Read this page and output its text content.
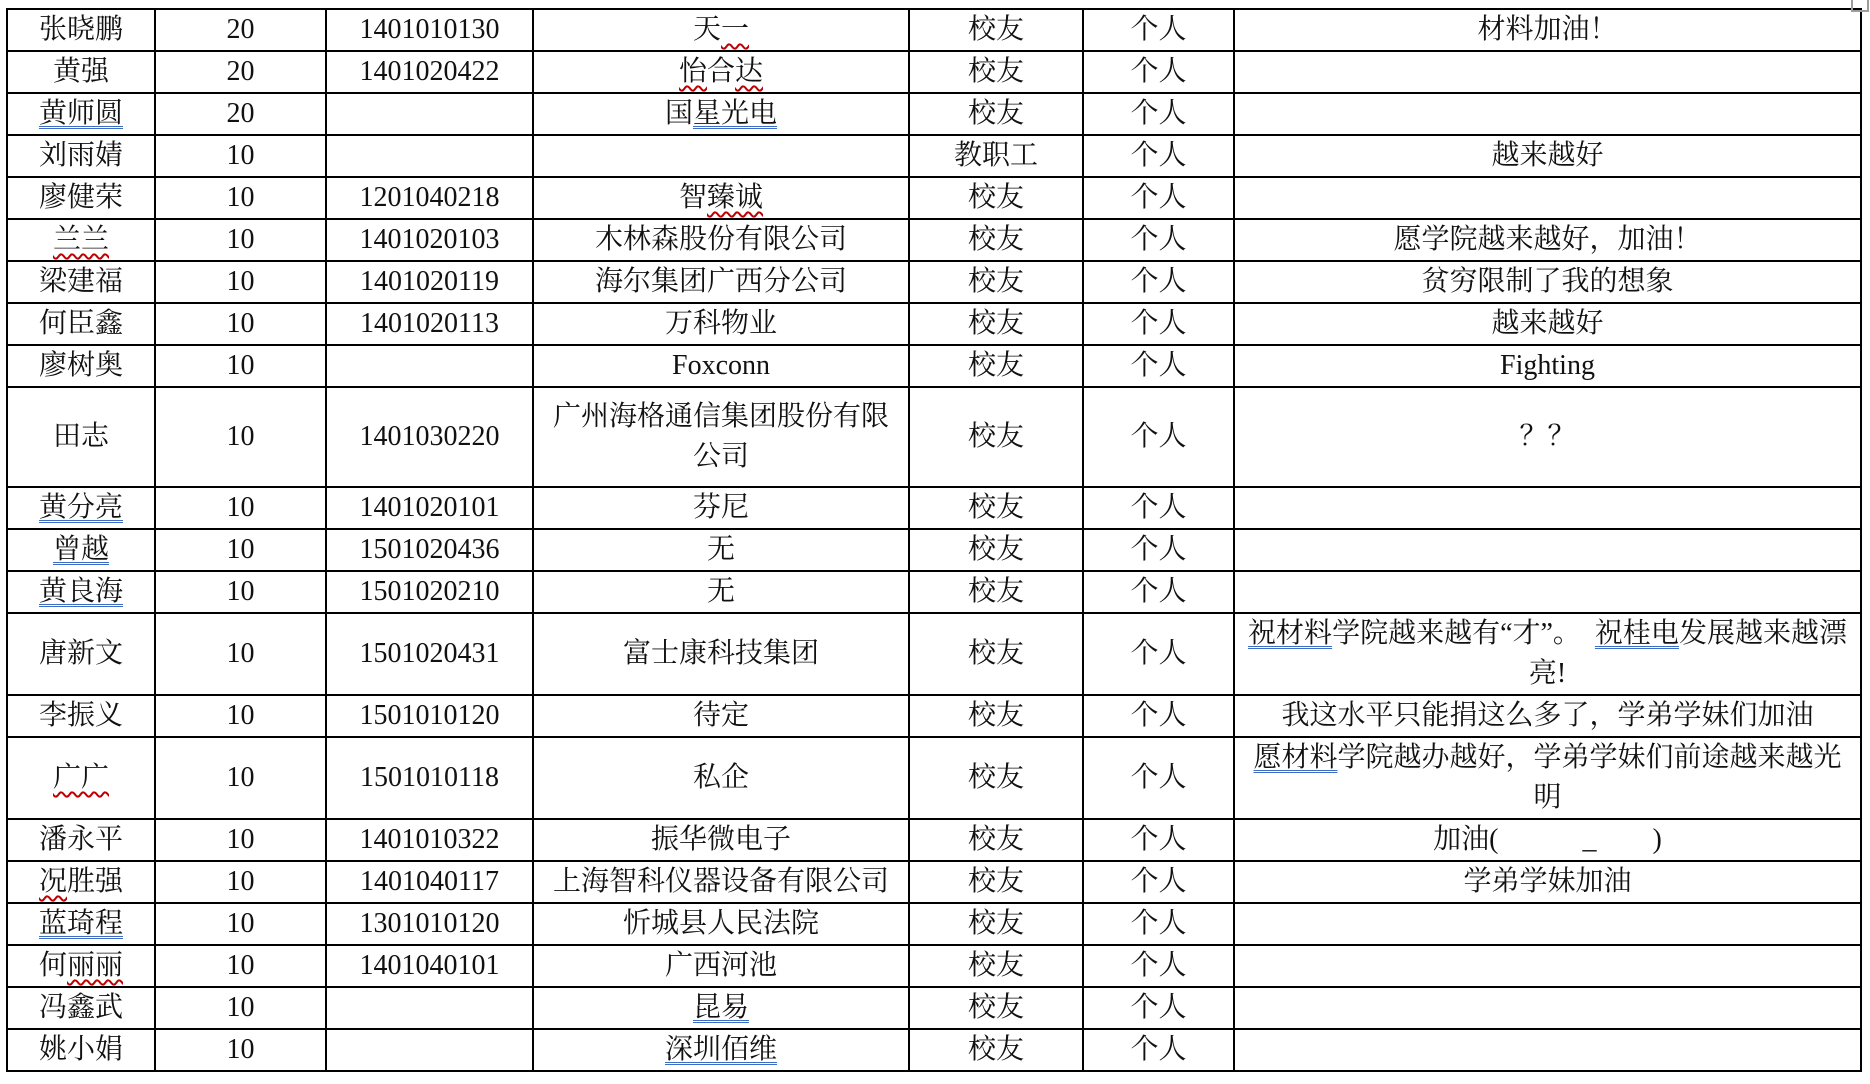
张晓鹏	20	1401010130	天一	校友	个人	材料加油！
黄强	20	1401020422	怡合达	校友	个人	
黄师圆	20		国星光电	校友	个人	
刘雨婧	10			教职工	个人	越来越好
廖健荣	10	1201040218	智臻诚	校友	个人	
兰兰	10	1401020103	木林森股份有限公司	校友	个人	愿学院越来越好，加油！
梁建福	10	1401020119	海尔集团广西分公司	校友	个人	贫穷限制了我的想象
何臣鑫	10	1401020113	万科物业	校友	个人	越来越好
廖树奥	10		Foxconn	校友	个人	Fighting
田志	10	1401030220	广州海格通信集团股份有限公司	校友	个人	？？
黄分亮	10	1401020101	芬尼	校友	个人	
曾越	10	1501020436	无	校友	个人	
黄良海	10	1501020210	无	校友	个人	
唐新文	10	1501020431	富士康科技集团	校友	个人	祝材料学院越来越有“才”。　祝桂电发展越来越漂亮!
李振义	10	1501010120	待定	校友	个人	我这水平只能捐这么多了，学弟学妹们加油
广广	10	1501010118	私企	校友	个人	愿材料学院越办越好，学弟学妹们前途越来越光明
潘永平	10	1401010322	振华微电子	校友	个人	加油(　　　_　　)
况胜强	10	1401040117	上海智科仪器设备有限公司	校友	个人	学弟学妹加油
蓝琦程	10	1301010120	忻城县人民法院	校友	个人	
何丽丽	10	1401040101	广西河池	校友	个人	
冯鑫武	10		昆易	校友	个人	
姚小娟	10		深圳佰维	校友	个人	
